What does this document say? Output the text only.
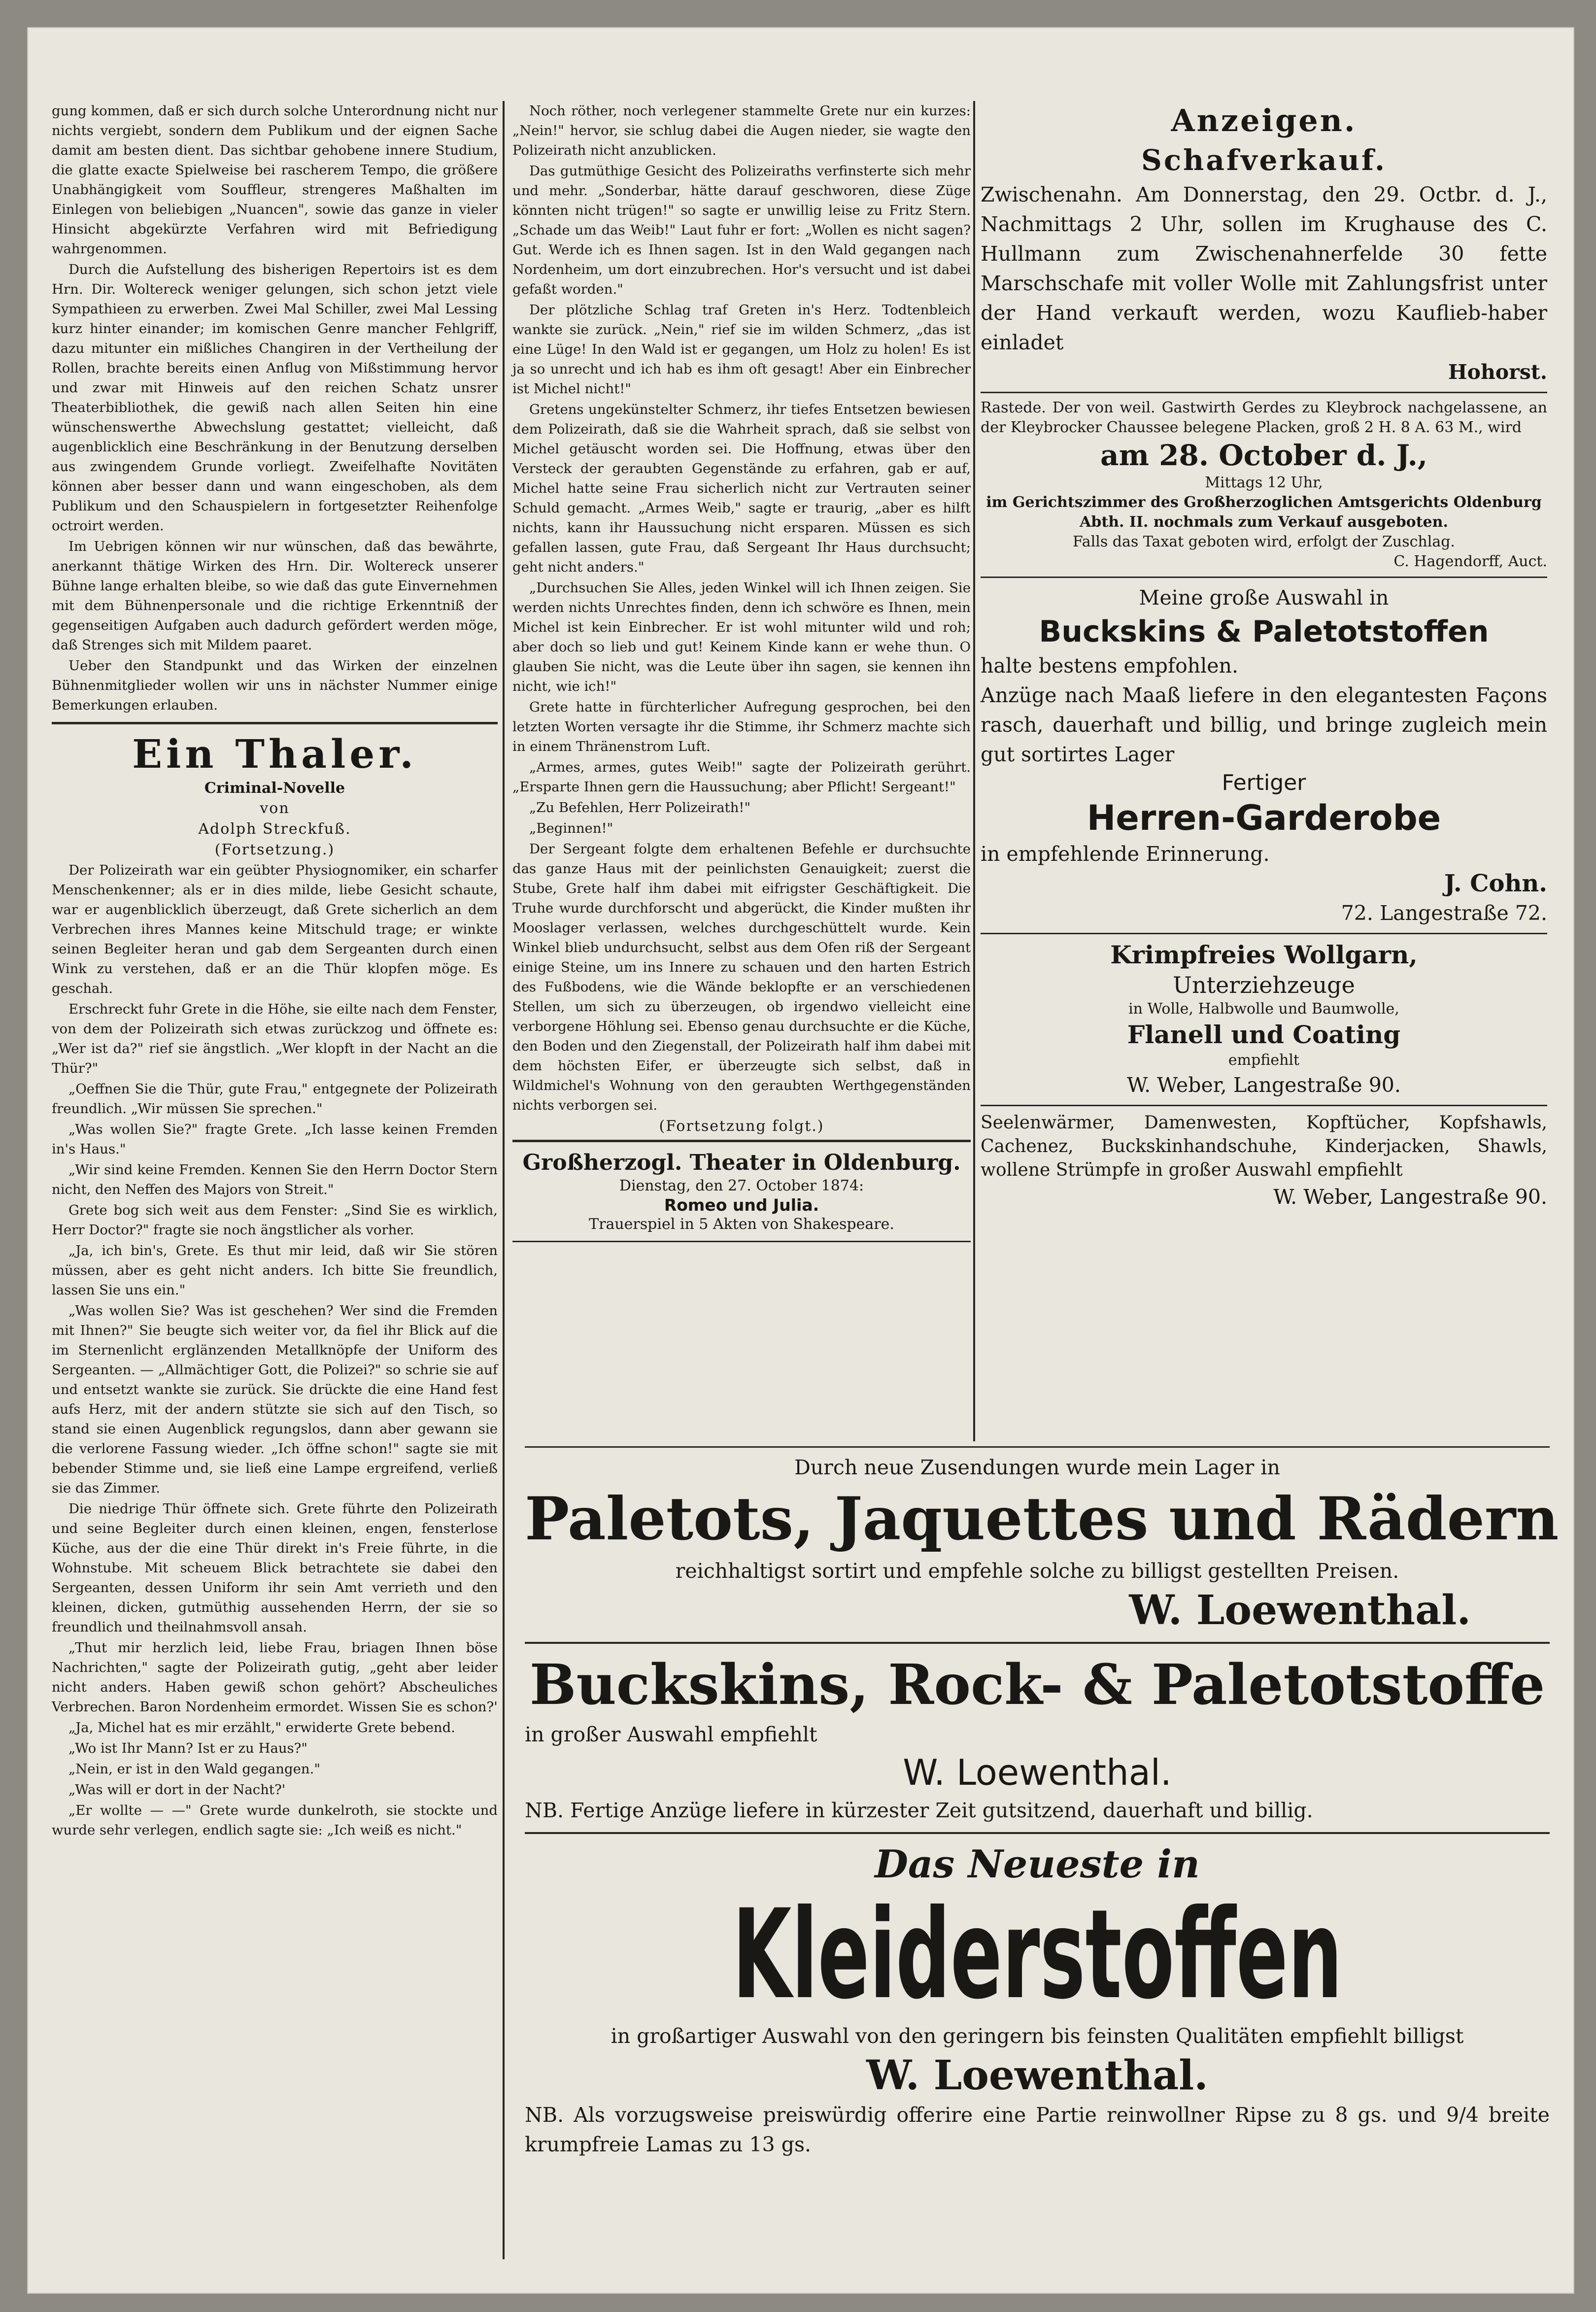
gung kommen, daß er sich durch solche Unterordnung nicht nur nichts vergiebt, sondern dem Publikum und der eignen Sache damit am besten dient. Das sichtbar gehobene innere Studium, die glatte exacte Spielweise bei rascherem Tempo, die größere Unabhängigkeit vom Souffleur, strengeres Maßhalten im Einlegen von beliebigen „Nuancen", sowie das ganze in vieler Hinsicht abgekürzte Verfahren wird mit Befriedigung wahrgenommen.

Durch die Aufstellung des bisherigen Repertoirs ist es dem Hrn. Dir. Woltereck weniger gelungen, sich schon jetzt viele Sympathieen zu erwerben. Zwei Mal Schiller, zwei Mal Lessing kurz hinter einander; im komischen Genre mancher Fehlgriff, dazu mitunter ein mißliches Changiren in der Vertheilung der Rollen, brachte bereits einen Anflug von Mißstimmung hervor und zwar mit Hinweis auf den reichen Schatz unsrer Theaterbibliothek, die gewiß nach allen Seiten hin eine wünschenswerthe Abwechslung gestattet; vielleicht, daß augenblicklich eine Beschränkung in der Benutzung derselben aus zwingendem Grunde vorliegt. Zweifelhafte Novitäten können aber besser dann und wann eingeschoben, als dem Publikum und den Schauspielern in fortgesetzter Reihenfolge octroirt werden.

Im Uebrigen können wir nur wünschen, daß das bewährte, anerkannt thätige Wirken des Hrn. Dir. Woltereck unserer Bühne lange erhalten bleibe, so wie daß das gute Einvernehmen mit dem Bühnenpersonale und die richtige Erkenntniß der gegenseitigen Aufgaben auch dadurch gefördert werden möge, daß Strenges sich mit Mildem paaret.

Ueber den Standpunkt und das Wirken der einzelnen Bühnenmitglieder wollen wir uns in nächster Nummer einige Bemerkungen erlauben.

Ein Thaler.
Criminal-Novelle
von
Adolph Streckfuß.
(Fortsetzung.)

Der Polizeirath war ein geübter Physiognomiker, ein scharfer Menschenkenner; als er in dies milde, liebe Gesicht schaute, war er augenblicklich überzeugt, daß Grete sicherlich an dem Verbrechen ihres Mannes keine Mitschuld trage; er winkte seinen Begleiter heran und gab dem Sergeanten durch einen Wink zu verstehen, daß er an die Thür klopfen möge. Es geschah.

Erschreckt fuhr Grete in die Höhe, sie eilte nach dem Fenster, von dem der Polizeirath sich etwas zurückzog und öffnete es: „Wer ist da?" rief sie ängstlich. „Wer klopft in der Nacht an die Thür?"

„Oeffnen Sie die Thür, gute Frau," entgegnete der Polizeirath freundlich. „Wir müssen Sie sprechen."

„Was wollen Sie?" fragte Grete. „Ich lasse keinen Fremden in's Haus."

„Wir sind keine Fremden. Kennen Sie den Herrn Doctor Stern nicht, den Neffen des Majors von Streit."

Grete bog sich weit aus dem Fenster: „Sind Sie es wirklich, Herr Doctor?" fragte sie noch ängstlicher als vorher.

„Ja, ich bin's, Grete. Es thut mir leid, daß wir Sie stören müssen, aber es geht nicht anders. Ich bitte Sie freundlich, lassen Sie uns ein."

„Was wollen Sie? Was ist geschehen? Wer sind die Fremden mit Ihnen?" Sie beugte sich weiter vor, da fiel ihr Blick auf die im Sternenlicht erglänzenden Metallknöpfe der Uniform des Sergeanten. — „Allmächtiger Gott, die Polizei?" so schrie sie auf und entsetzt wankte sie zurück. Sie drückte die eine Hand fest aufs Herz, mit der andern stützte sie sich auf den Tisch, so stand sie einen Augenblick regungslos, dann aber gewann sie die verlorene Fassung wieder. „Ich öffne schon!" sagte sie mit bebender Stimme und, sie ließ eine Lampe ergreifend, verließ sie das Zimmer.

Die niedrige Thür öffnete sich. Grete führte den Polizeirath und seine Begleiter durch einen kleinen, engen, fensterlose Küche, aus der die eine Thür direkt in's Freie führte, in die Wohnstube. Mit scheuem Blick betrachtete sie dabei den Sergeanten, dessen Uniform ihr sein Amt verrieth und den kleinen, dicken, gutmüthig aussehenden Herrn, der sie so freundlich und theilnahmsvoll ansah.

„Thut mir herzlich leid, liebe Frau, briagen Ihnen böse Nachrichten," sagte der Polizeirath gutig, „geht aber leider nicht anders. Haben gewiß schon gehört? Abscheuliches Verbrechen. Baron Nordenheim ermordet. Wissen Sie es schon?'

„Ja, Michel hat es mir erzählt," erwiderte Grete bebend.

„Wo ist Ihr Mann? Ist er zu Haus?"

„Nein, er ist in den Wald gegangen."

„Was will er dort in der Nacht?'

„Er wollte — —" Grete wurde dunkelroth, sie stockte und wurde sehr verlegen, endlich sagte sie: „Ich weiß es nicht."

Noch röther, noch verlegener stammelte Grete nur ein kurzes: „Nein!" hervor, sie schlug dabei die Augen nieder, sie wagte den Polizeirath nicht anzublicken.

Das gutmüthige Gesicht des Polizeiraths verfinsterte sich mehr und mehr. „Sonderbar, hätte darauf geschworen, diese Züge könnten nicht trügen!" so sagte er unwillig leise zu Fritz Stern. „Schade um das Weib!" Laut fuhr er fort: „Wollen es nicht sagen? Gut. Werde ich es Ihnen sagen. Ist in den Wald gegangen nach Nordenheim, um dort einzubrechen. Hor's versucht und ist dabei gefaßt worden."

Der plötzliche Schlag traf Greten in's Herz. Todtenbleich wankte sie zurück. „Nein," rief sie im wilden Schmerz, „das ist eine Lüge! In den Wald ist er gegangen, um Holz zu holen! Es ist ja so unrecht und ich hab es ihm oft gesagt! Aber ein Einbrecher ist Michel nicht!"

Gretens ungekünstelter Schmerz, ihr tiefes Entsetzen bewiesen dem Polizeirath, daß sie die Wahrheit sprach, daß sie selbst von Michel getäuscht worden sei. Die Hoffnung, etwas über den Versteck der geraubten Gegenstände zu erfahren, gab er auf, Michel hatte seine Frau sicherlich nicht zur Vertrauten seiner Schuld gemacht. „Armes Weib," sagte er traurig, „aber es hilft nichts, kann ihr Haussuchung nicht ersparen. Müssen es sich gefallen lassen, gute Frau, daß Sergeant Ihr Haus durchsucht; geht nicht anders."

„Durchsuchen Sie Alles, jeden Winkel will ich Ihnen zeigen. Sie werden nichts Unrechtes finden, denn ich schwöre es Ihnen, mein Michel ist kein Einbrecher. Er ist wohl mitunter wild und roh; aber doch so lieb und gut! Keinem Kinde kann er wehe thun. O glauben Sie nicht, was die Leute über ihn sagen, sie kennen ihn nicht, wie ich!"

Grete hatte in fürchterlicher Aufregung gesprochen, bei den letzten Worten versagte ihr die Stimme, ihr Schmerz machte sich in einem Thränenstrom Luft.

„Armes, armes, gutes Weib!" sagte der Polizeirath gerührt. „Ersparte Ihnen gern die Haussuchung; aber Pflicht! Sergeant!"

„Zu Befehlen, Herr Polizeirath!"

„Beginnen!"

Der Sergeant folgte dem erhaltenen Befehle er durchsuchte das ganze Haus mit der peinlichsten Genauigkeit; zuerst die Stube, Grete half ihm dabei mit eifrigster Geschäftigkeit. Die Truhe wurde durchforscht und abgerückt, die Kinder mußten ihr Mooslager verlassen, welches durchgeschüttelt wurde. Kein Winkel blieb undurchsucht, selbst aus dem Ofen riß der Sergeant einige Steine, um ins Innere zu schauen und den harten Estrich des Fußbodens, wie die Wände beklopfte er an verschiedenen Stellen, um sich zu überzeugen, ob irgendwo vielleicht eine verborgene Höhlung sei. Ebenso genau durchsuchte er die Küche, den Boden und den Ziegenstall, der Polizeirath half ihm dabei mit dem höchsten Eifer, er überzeugte sich selbst, daß in Wildmichel's Wohnung von den geraubten Werthgegenständen nichts verborgen sei.

(Fortsetzung folgt.)
Großherzogl. Theater in Oldenburg.
Dienstag, den 27. October 1874:
Romeo und Julia.
Trauerspiel in 5 Akten von Shakespeare.
Anzeigen.
Schafverkauf.
Zwischenahn. Am Donnerstag, den 29. Octbr. d. J., Nachmittags 2 Uhr, sollen im Krughause des C. Hullmann zum Zwischenahnerfelde 30 fette Marschschafe mit voller Wolle mit Zahlungsfrist unter der Hand verkauft werden, wozu Kauflieb-haber einladet
Hohorst.
Rastede. Der von weil. Gastwirth Gerdes zu Kleybrock nachgelassene, an der Kleybrocker Chaussee belegene Placken, groß 2 H. 8 A. 63 M., wird
am 28. October d. J.,
Mittags 12 Uhr,
im Gerichtszimmer des Großherzoglichen Amtsgerichts Oldenburg Abth. II. nochmals zum Verkauf ausgeboten.
Falls das Taxat geboten wird, erfolgt der Zuschlag.
C. Hagendorff, Auct.
Meine große Auswahl in
Buckskins & Paletotstoffen
halte bestens empfohlen.
Anzüge nach Maaß liefere in den elegantesten Façons rasch, dauerhaft und billig, und bringe zugleich mein gut sortirtes Lager
Fertiger
Herren-Garderobe
in empfehlende Erinnerung.
J. Cohn.
72. Langestraße 72.
Krimpfreies Wollgarn,
Unterziehzeuge
in Wolle, Halbwolle und Baumwolle,
Flanell und Coating
empfiehlt
W. Weber, Langestraße 90.
Seelenwärmer, Damenwesten, Kopftücher, Kopfshawls, Cachenez, Buckskinhandschuhe, Kinderjacken, Shawls, wollene Strümpfe in großer Auswahl empfiehlt
W. Weber, Langestraße 90.
Durch neue Zusendungen wurde mein Lager in
Paletots, Jaquettes und Rädern
reichhaltigst sortirt und empfehle solche zu billigst gestellten Preisen.
W. Loewenthal.
Buckskins, Rock- & Paletotstoffe
in großer Auswahl empfiehlt
W. Loewenthal.
NB. Fertige Anzüge liefere in kürzester Zeit gutsitzend, dauerhaft und billig.
Das Neueste in
Kleiderstoffen
in großartiger Auswahl von den geringern bis feinsten Qualitäten empfiehlt billigst
W. Loewenthal.
NB. Als vorzugsweise preiswürdig offerire eine Partie reinwollner Ripse zu 8 gs. und 9/4 breite krumpfreie Lamas zu 13 gs.
